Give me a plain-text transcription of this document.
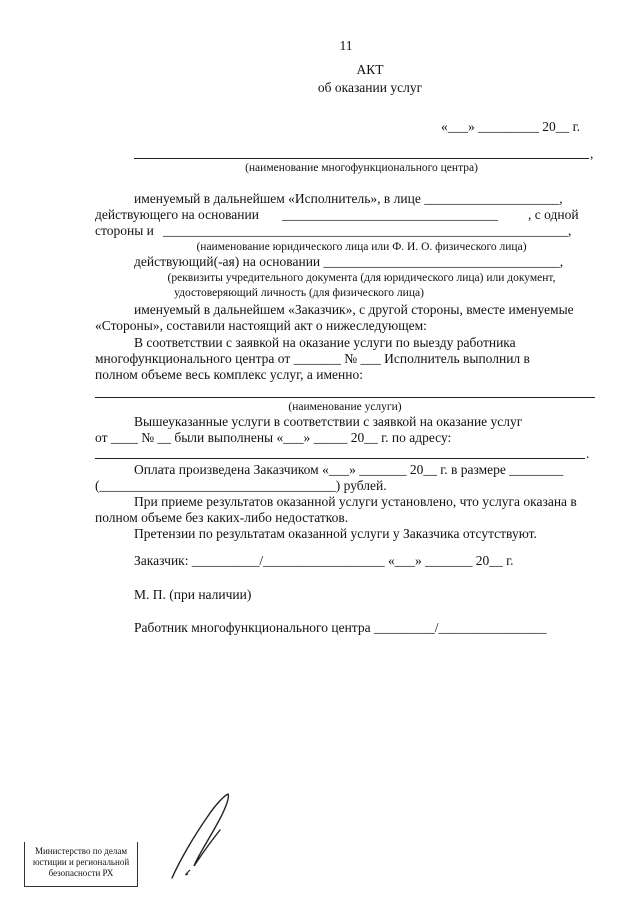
11
АКТ
об оказании услуг
«___» _________ 20__ г.
,
(наименование многофункционального центра)
именуемый в дальнейшем «Исполнитель», в лице ____________________,
действующего на основании ________________________________ , с одной
стороны и ____________________________________________________________,
(наименование юридического лица или Ф. И. О. физического лица)
действующий(-ая) на основании ___________________________________,
(реквизиты учредительного документа (для юридического лица) или документ,
удостоверяющий личность (для физического лица)
именуемый в дальнейшем «Заказчик», с другой стороны, вместе именуемые
«Стороны», составили настоящий акт о нижеследующем:
В соответствии с заявкой на оказание услуги по выезду работника
многофункционального центра от _______ № ___ Исполнитель выполнил в
полном объеме весь комплекс услуг, а именно:
(наименование услуги)
Вышеуказанные услуги в соответствии с заявкой на оказание услуг
от ____ № __ были выполнены «___» _____ 20__ г. по адресу:
.
Оплата произведена Заказчиком «___» _______ 20__ г. в размере ________
(___________________________________) рублей.
При приеме результатов оказанной услуги установлено, что услуга оказана в
полном объеме без каких-либо недостатков.
Претензии по результатам оказанной услуги у Заказчика отсутствуют.
Заказчик: __________/__________________ «___» _______ 20__ г.
М. П. (при наличии)
Работник многофункционального центра _________/________________
Министерство по делам
юстиции и региональной
безопасности РХ
